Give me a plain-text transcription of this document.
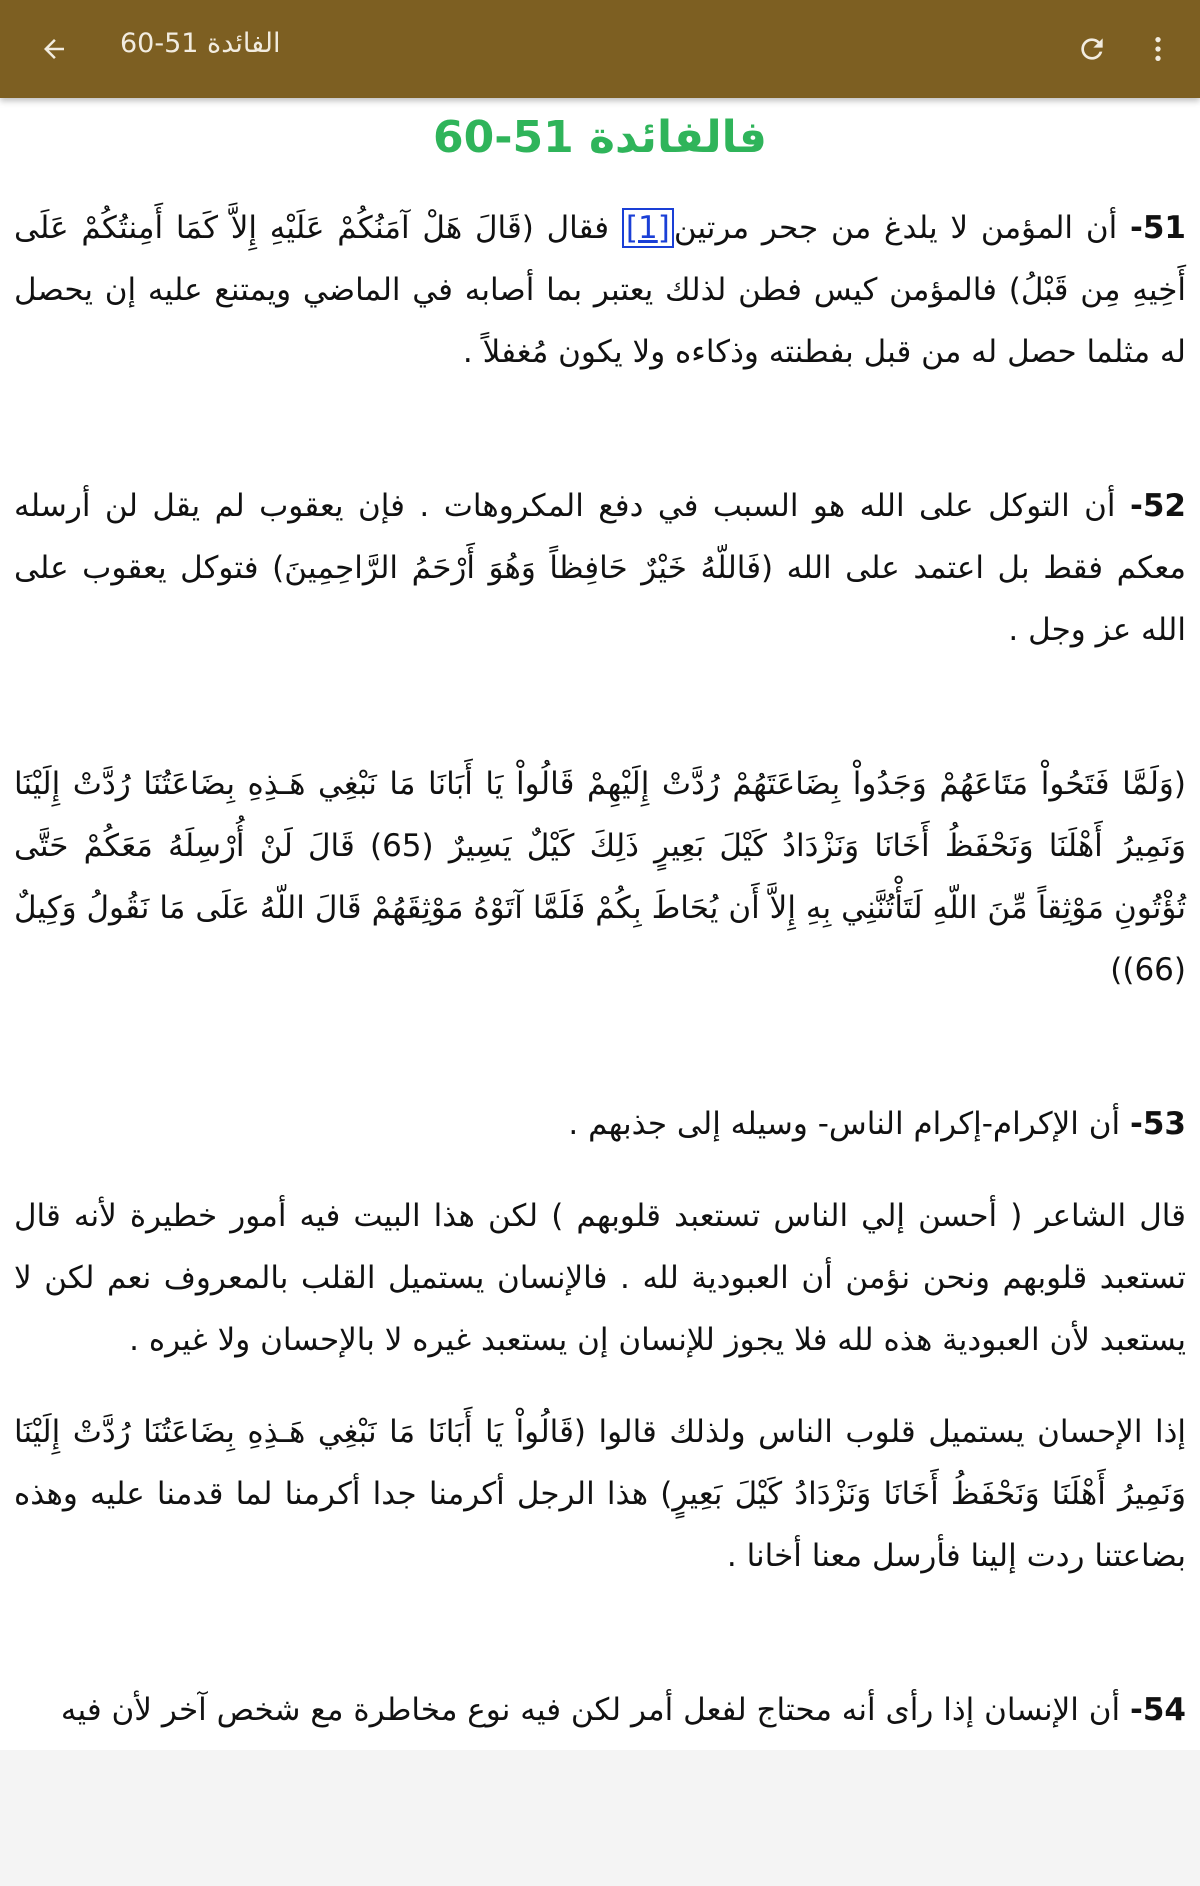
الفائدة 51-60
فالفائدة 51-60

51- أن المؤمن لا يلدغ من جحر مرتين[1] فقال (قَالَ هَلْ آمَنُكُمْ عَلَيْهِ إِلاَّ كَمَا أَمِنتُكُمْ عَلَى أَخِيهِ مِن قَبْلُ) فالمؤمن كيس فطن لذلك يعتبر بما أصابه في الماضي ويمتنع عليه إن يحصل له مثلما حصل له من قبل بفطنته وذكاءه ولا يكون مُغفلاً .

52- أن التوكل على الله هو السبب في دفع المكروهات . فإن يعقوب لم يقل لن أرسله معكم فقط بل اعتمد على الله (فَاللّهُ خَيْرٌ حَافِظاً وَهُوَ أَرْحَمُ الرَّاحِمِينَ) فتوكل يعقوب على الله عز وجل .

(وَلَمَّا فَتَحُواْ مَتَاعَهُمْ وَجَدُواْ بِضَاعَتَهُمْ رُدَّتْ إِلَيْهِمْ قَالُواْ يَا أَبَانَا مَا نَبْغِي هَـذِهِ بِضَاعَتُنَا رُدَّتْ إِلَيْنَا وَنَمِيرُ أَهْلَنَا وَنَحْفَظُ أَخَانَا وَنَزْدَادُ كَيْلَ بَعِيرٍ ذَلِكَ كَيْلٌ يَسِيرٌ (65) قَالَ لَنْ أُرْسِلَهُ مَعَكُمْ حَتَّى تُؤْتُونِ مَوْثِقاً مِّنَ اللّهِ لَتَأْتُنَّنِي بِهِ إِلاَّ أَن يُحَاطَ بِكُمْ فَلَمَّا آتَوْهُ مَوْثِقَهُمْ قَالَ اللّهُ عَلَى مَا نَقُولُ وَكِيلٌ (66))

53- أن الإكرام-إكرام الناس- وسيله إلى جذبهم .

قال الشاعر ( أحسن إلي الناس تستعبد قلوبهم ) لكن هذا البيت فيه أمور خطيرة لأنه قال تستعبد قلوبهم ونحن نؤمن أن العبودية لله . فالإنسان يستميل القلب بالمعروف نعم لكن لا يستعبد لأن العبودية هذه لله فلا يجوز للإنسان إن يستعبد غيره لا بالإحسان ولا غيره .

إذا الإحسان يستميل قلوب الناس ولذلك قالوا (قَالُواْ يَا أَبَانَا مَا نَبْغِي هَـذِهِ بِضَاعَتُنَا رُدَّتْ إِلَيْنَا وَنَمِيرُ أَهْلَنَا وَنَحْفَظُ أَخَانَا وَنَزْدَادُ كَيْلَ بَعِيرٍ) هذا الرجل أكرمنا جدا أكرمنا لما قدمنا عليه وهذه بضاعتنا ردت إلينا فأرسل معنا أخانا .

54- أن الإنسان إذا رأى أنه محتاج لفعل أمر لكن فيه نوع مخاطرة مع شخص آخر لأن فيه
